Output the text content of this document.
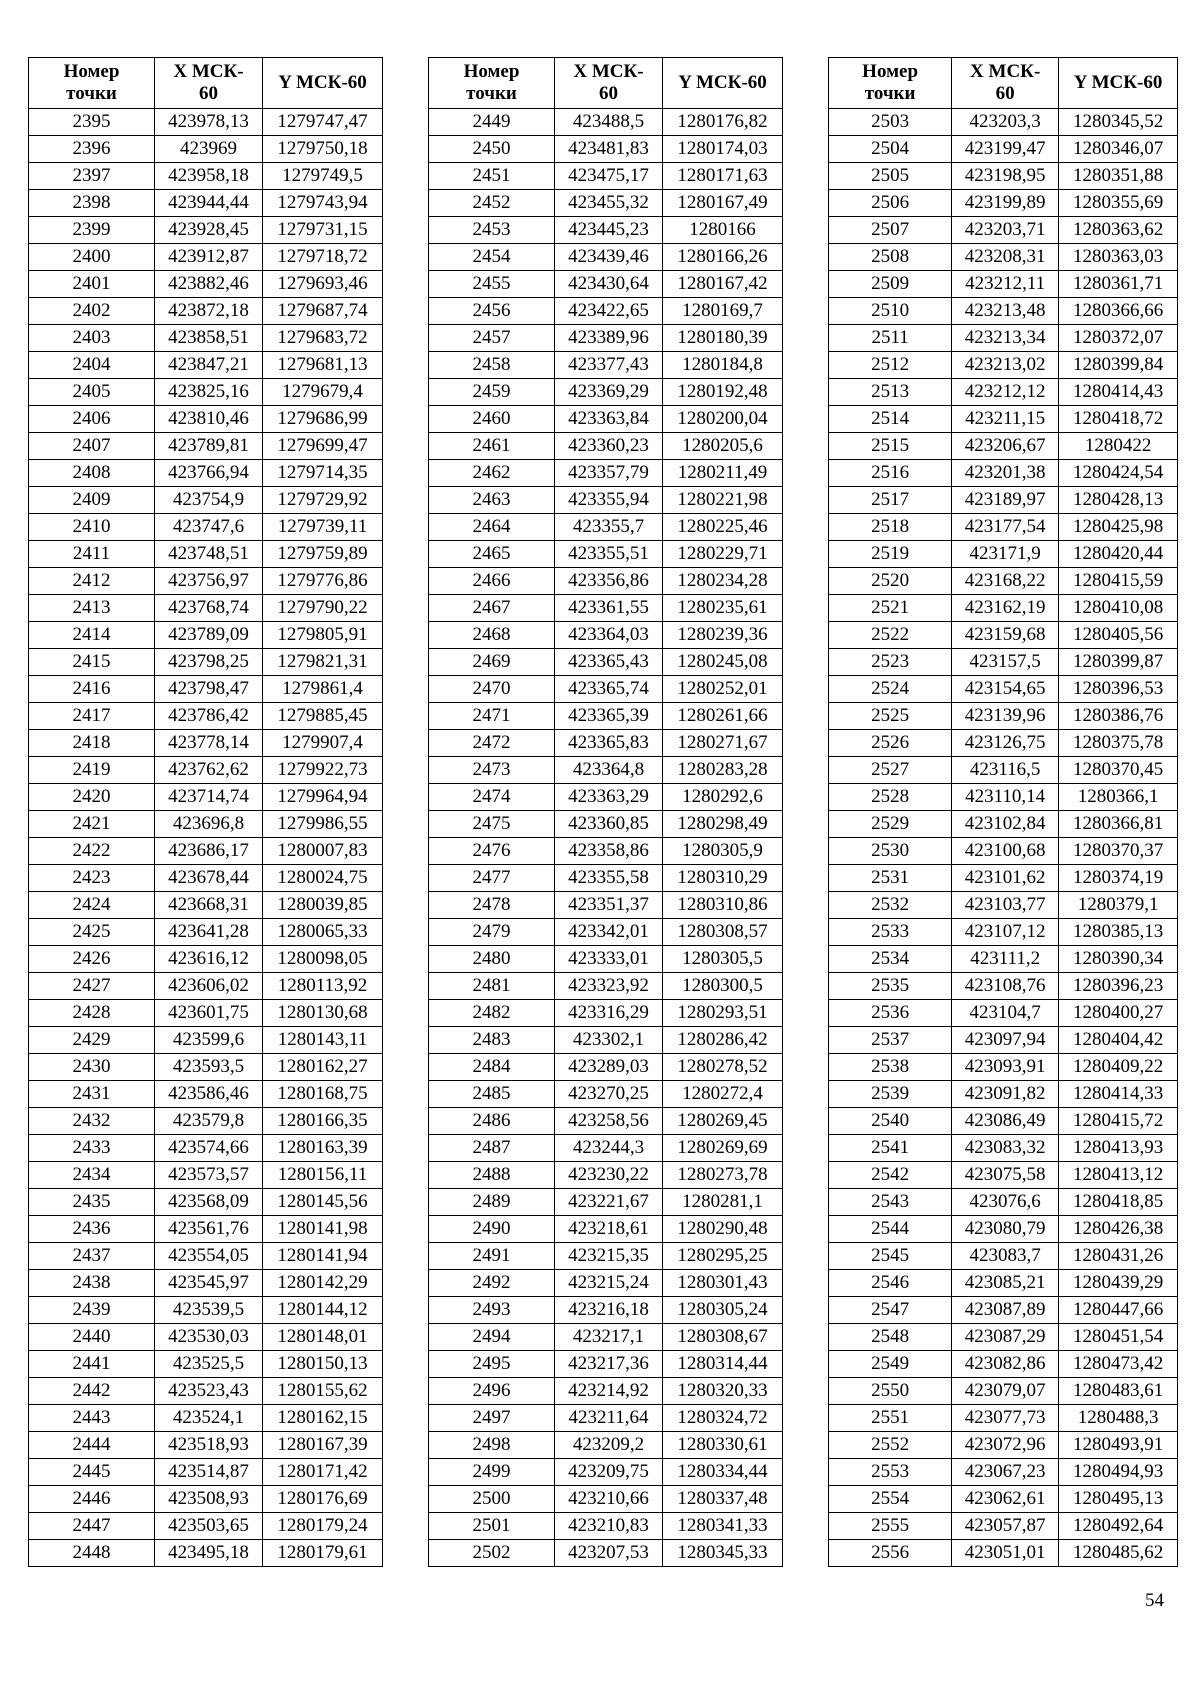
Номер
точки	X МСК-
60	Y МСК-60
2395	423978,13	1279747,47
2396	423969	1279750,18
2397	423958,18	1279749,5
2398	423944,44	1279743,94
2399	423928,45	1279731,15
2400	423912,87	1279718,72
2401	423882,46	1279693,46
2402	423872,18	1279687,74
2403	423858,51	1279683,72
2404	423847,21	1279681,13
2405	423825,16	1279679,4
2406	423810,46	1279686,99
2407	423789,81	1279699,47
2408	423766,94	1279714,35
2409	423754,9	1279729,92
2410	423747,6	1279739,11
2411	423748,51	1279759,89
2412	423756,97	1279776,86
2413	423768,74	1279790,22
2414	423789,09	1279805,91
2415	423798,25	1279821,31
2416	423798,47	1279861,4
2417	423786,42	1279885,45
2418	423778,14	1279907,4
2419	423762,62	1279922,73
2420	423714,74	1279964,94
2421	423696,8	1279986,55
2422	423686,17	1280007,83
2423	423678,44	1280024,75
2424	423668,31	1280039,85
2425	423641,28	1280065,33
2426	423616,12	1280098,05
2427	423606,02	1280113,92
2428	423601,75	1280130,68
2429	423599,6	1280143,11
2430	423593,5	1280162,27
2431	423586,46	1280168,75
2432	423579,8	1280166,35
2433	423574,66	1280163,39
2434	423573,57	1280156,11
2435	423568,09	1280145,56
2436	423561,76	1280141,98
2437	423554,05	1280141,94
2438	423545,97	1280142,29
2439	423539,5	1280144,12
2440	423530,03	1280148,01
2441	423525,5	1280150,13
2442	423523,43	1280155,62
2443	423524,1	1280162,15
2444	423518,93	1280167,39
2445	423514,87	1280171,42
2446	423508,93	1280176,69
2447	423503,65	1280179,24
2448	423495,18	1280179,61
Номер
точки	X МСК-
60	Y МСК-60
2449	423488,5	1280176,82
2450	423481,83	1280174,03
2451	423475,17	1280171,63
2452	423455,32	1280167,49
2453	423445,23	1280166
2454	423439,46	1280166,26
2455	423430,64	1280167,42
2456	423422,65	1280169,7
2457	423389,96	1280180,39
2458	423377,43	1280184,8
2459	423369,29	1280192,48
2460	423363,84	1280200,04
2461	423360,23	1280205,6
2462	423357,79	1280211,49
2463	423355,94	1280221,98
2464	423355,7	1280225,46
2465	423355,51	1280229,71
2466	423356,86	1280234,28
2467	423361,55	1280235,61
2468	423364,03	1280239,36
2469	423365,43	1280245,08
2470	423365,74	1280252,01
2471	423365,39	1280261,66
2472	423365,83	1280271,67
2473	423364,8	1280283,28
2474	423363,29	1280292,6
2475	423360,85	1280298,49
2476	423358,86	1280305,9
2477	423355,58	1280310,29
2478	423351,37	1280310,86
2479	423342,01	1280308,57
2480	423333,01	1280305,5
2481	423323,92	1280300,5
2482	423316,29	1280293,51
2483	423302,1	1280286,42
2484	423289,03	1280278,52
2485	423270,25	1280272,4
2486	423258,56	1280269,45
2487	423244,3	1280269,69
2488	423230,22	1280273,78
2489	423221,67	1280281,1
2490	423218,61	1280290,48
2491	423215,35	1280295,25
2492	423215,24	1280301,43
2493	423216,18	1280305,24
2494	423217,1	1280308,67
2495	423217,36	1280314,44
2496	423214,92	1280320,33
2497	423211,64	1280324,72
2498	423209,2	1280330,61
2499	423209,75	1280334,44
2500	423210,66	1280337,48
2501	423210,83	1280341,33
2502	423207,53	1280345,33
Номер
точки	X МСК-
60	Y МСК-60
2503	423203,3	1280345,52
2504	423199,47	1280346,07
2505	423198,95	1280351,88
2506	423199,89	1280355,69
2507	423203,71	1280363,62
2508	423208,31	1280363,03
2509	423212,11	1280361,71
2510	423213,48	1280366,66
2511	423213,34	1280372,07
2512	423213,02	1280399,84
2513	423212,12	1280414,43
2514	423211,15	1280418,72
2515	423206,67	1280422
2516	423201,38	1280424,54
2517	423189,97	1280428,13
2518	423177,54	1280425,98
2519	423171,9	1280420,44
2520	423168,22	1280415,59
2521	423162,19	1280410,08
2522	423159,68	1280405,56
2523	423157,5	1280399,87
2524	423154,65	1280396,53
2525	423139,96	1280386,76
2526	423126,75	1280375,78
2527	423116,5	1280370,45
2528	423110,14	1280366,1
2529	423102,84	1280366,81
2530	423100,68	1280370,37
2531	423101,62	1280374,19
2532	423103,77	1280379,1
2533	423107,12	1280385,13
2534	423111,2	1280390,34
2535	423108,76	1280396,23
2536	423104,7	1280400,27
2537	423097,94	1280404,42
2538	423093,91	1280409,22
2539	423091,82	1280414,33
2540	423086,49	1280415,72
2541	423083,32	1280413,93
2542	423075,58	1280413,12
2543	423076,6	1280418,85
2544	423080,79	1280426,38
2545	423083,7	1280431,26
2546	423085,21	1280439,29
2547	423087,89	1280447,66
2548	423087,29	1280451,54
2549	423082,86	1280473,42
2550	423079,07	1280483,61
2551	423077,73	1280488,3
2552	423072,96	1280493,91
2553	423067,23	1280494,93
2554	423062,61	1280495,13
2555	423057,87	1280492,64
2556	423051,01	1280485,62
54
